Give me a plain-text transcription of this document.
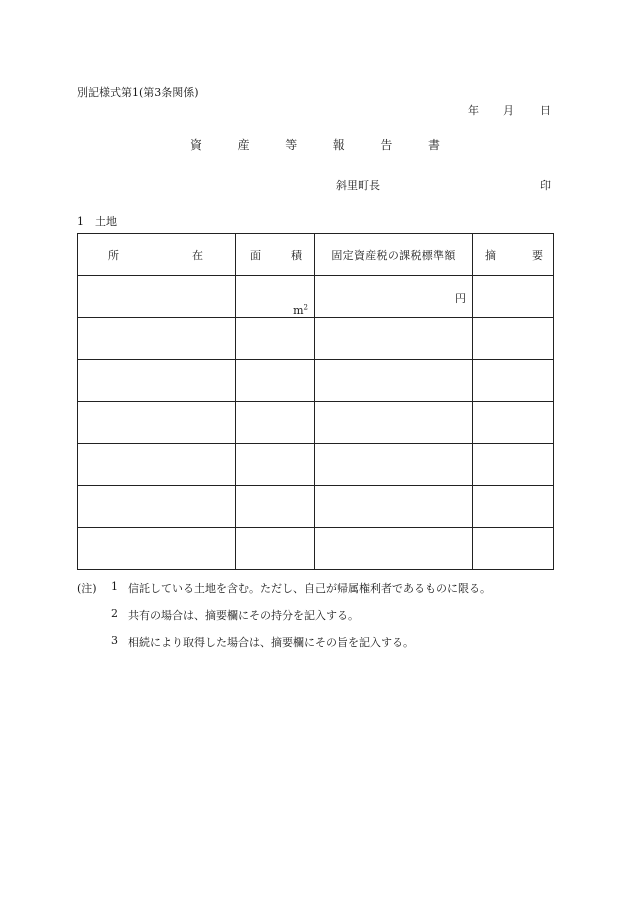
別記様式第1(第3条関係)
年 月 日
資	産	等	報	告	書
斜里町長	印
1　土地
所 在	面 積	固定資産税の課税標準額	摘 要

	$m^2$	円	

(注)	1 信託している土地を含む。ただし、自己が帰属権利者であるものに限る。
2 共有の場合は、摘要欄にその持分を記入する。
3 相続により取得した場合は、摘要欄にその旨を記入する。
